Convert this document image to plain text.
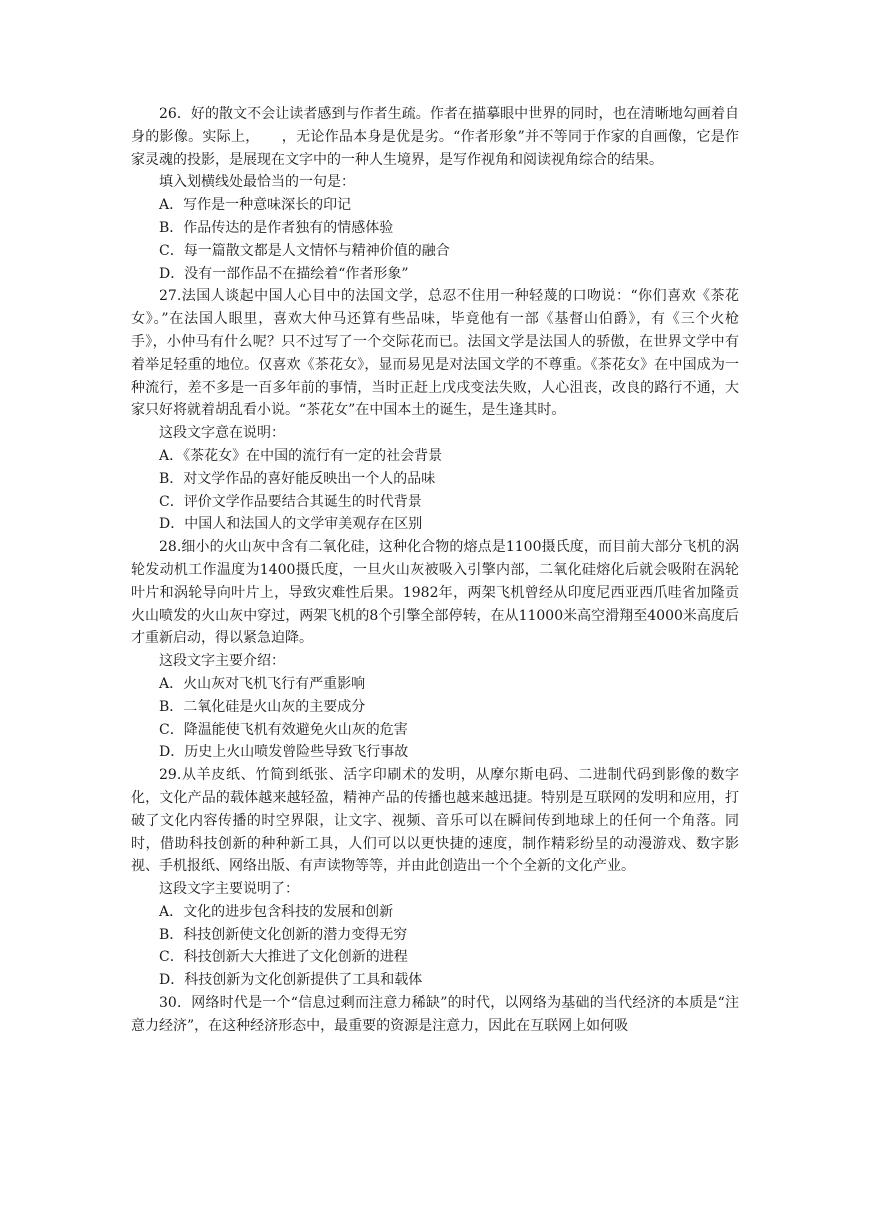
26．好的散文不会让读者感到与作者生疏。作者在描摹眼中世界的同时，也在清晰地勾画着自身的影像。实际上， ，无论作品本身是优是劣。“作者形象”并不等同于作家的自画像，它是作家灵魂的投影，是展现在文字中的一种人生境界，是写作视角和阅读视角综合的结果。

填入划横线处最恰当的一句是：

A．写作是一种意味深长的印记

B．作品传达的是作者独有的情感体验

C．每一篇散文都是人文情怀与精神价值的融合

D．没有一部作品不在描绘着“作者形象”

27.法国人谈起中国人心目中的法国文学，总忍不住用一种轻蔑的口吻说：“你们喜欢《茶花女》。”在法国人眼里，喜欢大仲马还算有些品味，毕竟他有一部《基督山伯爵》，有《三个火枪手》，小仲马有什么呢？只不过写了一个交际花而已。法国文学是法国人的骄傲，在世界文学中有着举足轻重的地位。仅喜欢《茶花女》，显而易见是对法国文学的不尊重。《茶花女》在中国成为一种流行，差不多是一百多年前的事情，当时正赶上戊戌变法失败，人心沮丧，改良的路行不通，大家只好将就着胡乱看小说。“茶花女”在中国本土的诞生，是生逢其时。

这段文字意在说明：

A．《茶花女》在中国的流行有一定的社会背景

B．对文学作品的喜好能反映出一个人的品味

C．评价文学作品要结合其诞生的时代背景

D．中国人和法国人的文学审美观存在区别

28.细小的火山灰中含有二氧化硅，这种化合物的熔点是1100摄氏度，而目前大部分飞机的涡轮发动机工作温度为1400摄氏度，一旦火山灰被吸入引擎内部，二氧化硅熔化后就会吸附在涡轮叶片和涡轮导向叶片上，导致灾难性后果。1982年，两架飞机曾经从印度尼西亚西爪哇省加隆贡火山喷发的火山灰中穿过，两架飞机的8个引擎全部停转，在从11000米高空滑翔至4000米高度后才重新启动，得以紧急迫降。

这段文字主要介绍：

A．火山灰对飞机飞行有严重影响

B．二氧化硅是火山灰的主要成分

C．降温能使飞机有效避免火山灰的危害

D．历史上火山喷发曾险些导致飞行事故

29.从羊皮纸、竹简到纸张、活字印刷术的发明，从摩尔斯电码、二进制代码到影像的数字化，文化产品的载体越来越轻盈，精神产品的传播也越来越迅捷。特别是互联网的发明和应用，打破了文化内容传播的时空界限，让文字、视频、音乐可以在瞬间传到地球上的任何一个角落。同时，借助科技创新的种种新工具，人们可以以更快捷的速度，制作精彩纷呈的动漫游戏、数字影视、手机报纸、网络出版、有声读物等等，并由此创造出一个个全新的文化产业。

这段文字主要说明了：

A．文化的进步包含科技的发展和创新

B．科技创新使文化创新的潜力变得无穷

C．科技创新大大推进了文化创新的进程

D．科技创新为文化创新提供了工具和载体

30．网络时代是一个“信息过剩而注意力稀缺”的时代，以网络为基础的当代经济的本质是“注意力经济”，在这种经济形态中，最重要的资源是注意力，因此在互联网上如何吸
